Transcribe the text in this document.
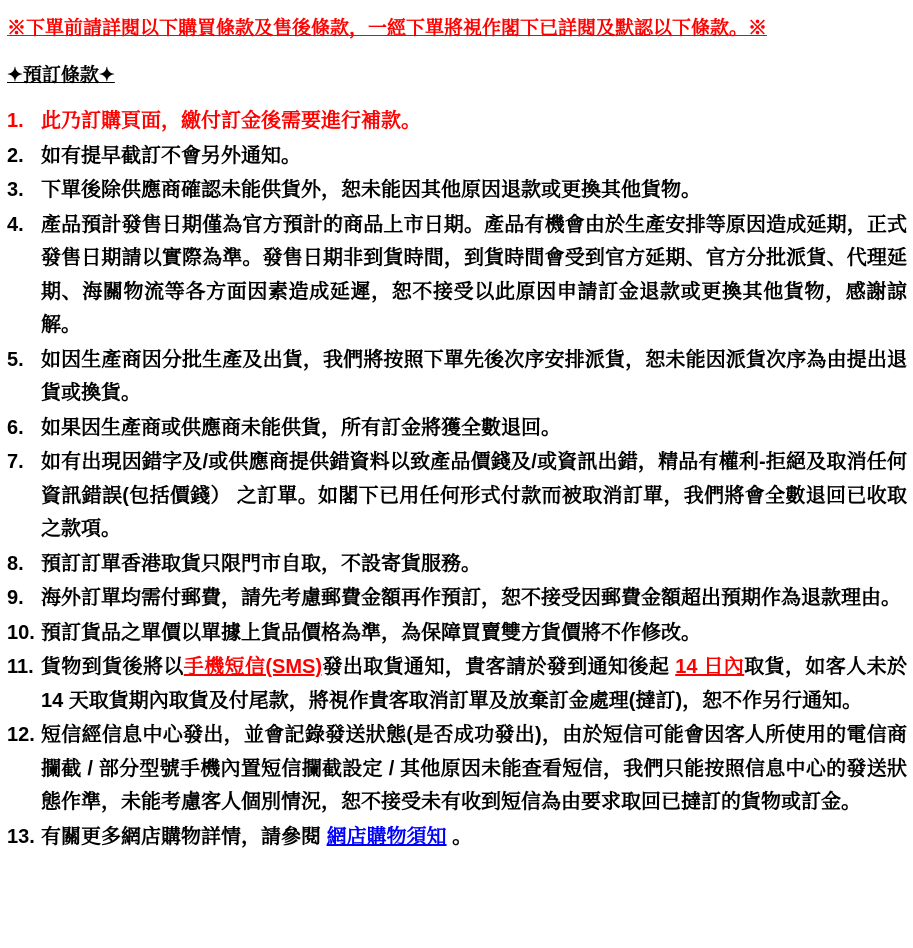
※下單前請詳閱以下購買條款及售後條款，一經下單將視作閣下已詳閱及默認以下條款。※
✦預訂條款✦
1. 此乃訂購頁面，繳付訂金後需要進行補款。
2. 如有提早截訂不會另外通知。
3. 下單後除供應商確認未能供貨外，恕未能因其他原因退款或更換其他貨物。
4. 產品預計發售日期僅為官方預計的商品上市日期。產品有機會由於生產安排等原因造成延期，正式發售日期請以實際為準。發售日期非到貨時間，到貨時間會受到官方延期、官方分批派貨、代理延期、海關物流等各方面因素造成延遲，恕不接受以此原因申請訂金退款或更換其他貨物，感謝諒解。
5. 如因生產商因分批生產及出貨，我們將按照下單先後次序安排派貨，恕未能因派貨次序為由提出退貨或換貨。
6. 如果因生產商或供應商未能供貨，所有訂金將獲全數退回。
7. 如有出現因錯字及/或供應商提供錯資料以致產品價錢及/或資訊出錯，精品有權利-拒絕及取消任何資訊錯誤(包括價錢） 之訂單。如閣下已用任何形式付款而被取消訂單，我們將會全數退回已收取之款項。
8. 預訂訂單香港取貨只限門市自取，不設寄貨服務。
9. 海外訂單均需付郵費，請先考慮郵費金額再作預訂，恕不接受因郵費金額超出預期作為退款理由。
10. 預訂貨品之單價以單據上貨品價格為準，為保障買賣雙方貨價將不作修改。
11. 貨物到貨後將以手機短信(SMS)發出取貨通知，貴客請於發到通知後起 14 日內取貨，如客人未於 14 天取貨期內取貨及付尾款，將視作貴客取消訂單及放棄訂金處理(撻訂)，恕不作另行通知。
12. 短信經信息中心發出，並會記錄發送狀態(是否成功發出)，由於短信可能會因客人所使用的電信商攔截 / 部分型號手機內置短信攔截設定 / 其他原因未能查看短信，我們只能按照信息中心的發送狀態作準，未能考慮客人個別情況，恕不接受未有收到短信為由要求取回已撻訂的貨物或訂金。
13. 有關更多網店購物詳情，請參閱 網店購物須知 。
